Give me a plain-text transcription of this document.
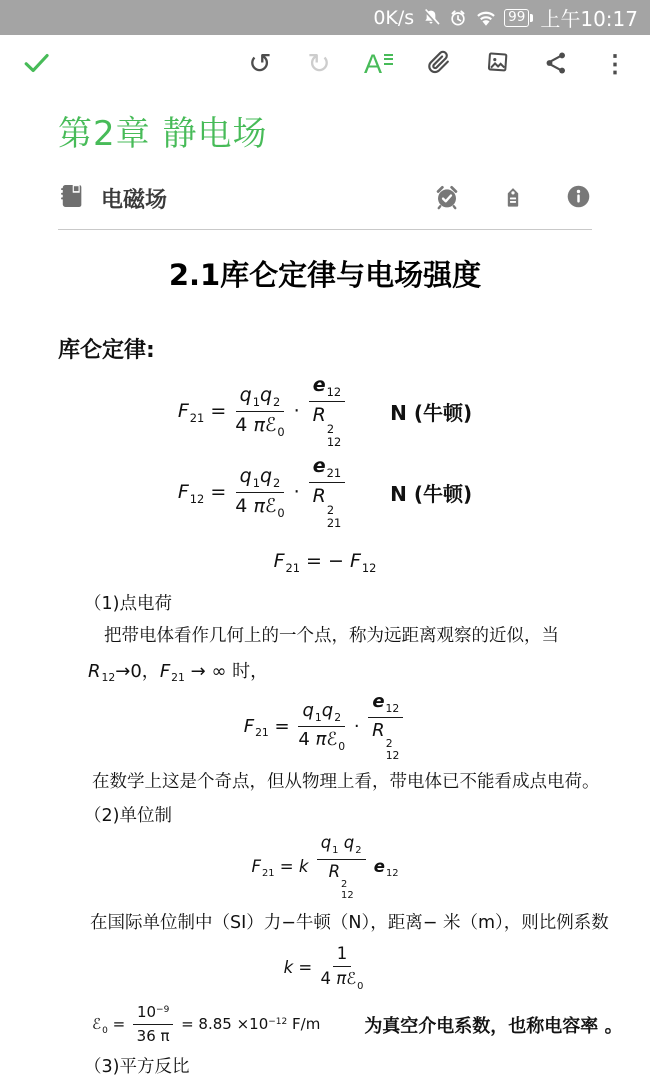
0K/s	99 上午10:17
↺ ↻ A	⋮
第2章 静电场
电磁场
2.1库仑定律与电场强度
库仑定律:
$F_{21} = \frac{q_1q_2}{4 \pi ℰ_0} \cdot e_{12}$
R
2
12 N (牛顿)
$F_{12} = \frac{q_1q_2}{4 \pi ℰ_0} \cdot e_{21}$
R
2
21 N (牛顿)
$F_{21}$ = − $F_{12}$

（1)点电荷

把带电体看作几何上的一个点，称为远距离观察的近似，当

$R_{12}\to 0$，$F_{21}$ → ∞ 时，

$F_{21} = \frac{q_1q_2}{4 \pi ℰ_0} \cdot e_{12}$
R
2
12

在数学上这是个奇点，但从物理上看，带电体已不能看成点电荷。

（2)单位制

$F_{21} = k$ $q_1$ $q_2$
R
2
12 $e_{12}$

在国际单位制中（SI）力−牛顿（N），距离− 米（m），则比例系数

$k = \frac{1}{4 \pi ℰ_0}$
ℰ$_0$ = $\frac{10^{-9}}{36 \pi} = 8.85 \times 10^{-12}$ F/m 为真空介电系数，也称电容率 。

（3)平方反比
